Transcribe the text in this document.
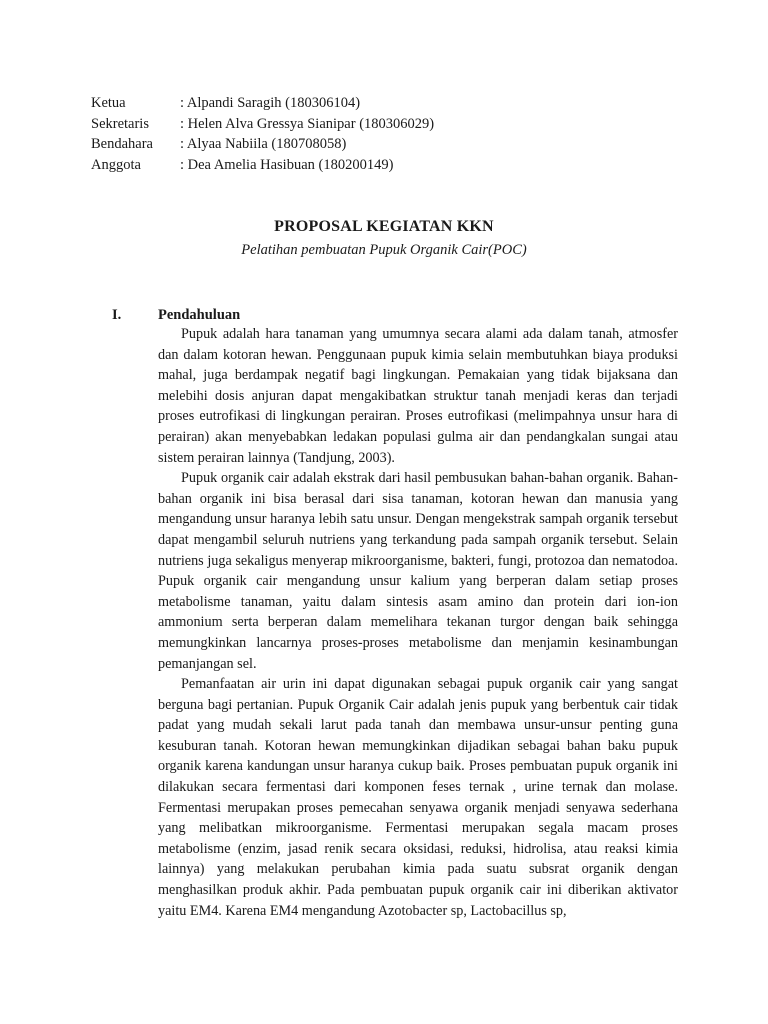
Ketua	: Alpandi Saragih (180306104)
Sekretaris	: Helen Alva Gressya Sianipar (180306029)
Bendahara	: Alyaa Nabiila (180708058)
Anggota	: Dea Amelia Hasibuan (180200149)
PROPOSAL KEGIATAN KKN
Pelatihan pembuatan Pupuk Organik Cair(POC)
I.	Pendahuluan

Pupuk adalah hara tanaman yang umumnya secara alami ada dalam tanah, atmosfer dan dalam kotoran hewan. Penggunaan pupuk kimia selain membutuhkan biaya produksi mahal, juga berdampak negatif bagi lingkungan. Pemakaian yang tidak bijaksana dan melebihi dosis anjuran dapat mengakibatkan struktur tanah menjadi keras dan terjadi proses eutrofikasi di lingkungan perairan. Proses eutrofikasi (melimpahnya unsur hara di perairan) akan menyebabkan ledakan populasi gulma air dan pendangkalan sungai atau sistem perairan lainnya (Tandjung, 2003).

Pupuk organik cair adalah ekstrak dari hasil pembusukan bahan-bahan organik. Bahan-bahan organik ini bisa berasal dari sisa tanaman, kotoran hewan dan manusia yang mengandung unsur haranya lebih satu unsur. Dengan mengekstrak sampah organik tersebut dapat mengambil seluruh nutriens yang terkandung pada sampah organik tersebut. Selain nutriens juga sekaligus menyerap mikroorganisme, bakteri, fungi, protozoa dan nematodoa. Pupuk organik cair mengandung unsur kalium yang berperan dalam setiap proses metabolisme tanaman, yaitu dalam sintesis asam amino dan protein dari ion-ion ammonium serta berperan dalam memelihara tekanan turgor dengan baik sehingga memungkinkan lancarnya proses-proses metabolisme dan menjamin kesinambungan pemanjangan sel.

Pemanfaatan air urin ini dapat digunakan sebagai pupuk organik cair yang sangat berguna bagi pertanian. Pupuk Organik Cair adalah jenis pupuk yang berbentuk cair tidak padat yang mudah sekali larut pada tanah dan membawa unsur-unsur penting guna kesuburan tanah. Kotoran hewan memungkinkan dijadikan sebagai bahan baku pupuk organik karena kandungan unsur haranya cukup baik. Proses pembuatan pupuk organik ini dilakukan secara fermentasi dari komponen feses ternak , urine ternak dan molase. Fermentasi merupakan proses pemecahan senyawa organik menjadi senyawa sederhana yang melibatkan mikroorganisme. Fermentasi merupakan segala macam proses metabolisme (enzim, jasad renik secara oksidasi, reduksi, hidrolisa, atau reaksi kimia lainnya) yang melakukan perubahan kimia pada suatu subsrat organik dengan menghasilkan produk akhir. Pada pembuatan pupuk organik cair ini diberikan aktivator yaitu EM4. Karena EM4 mengandung Azotobacter sp, Lactobacillus sp,
